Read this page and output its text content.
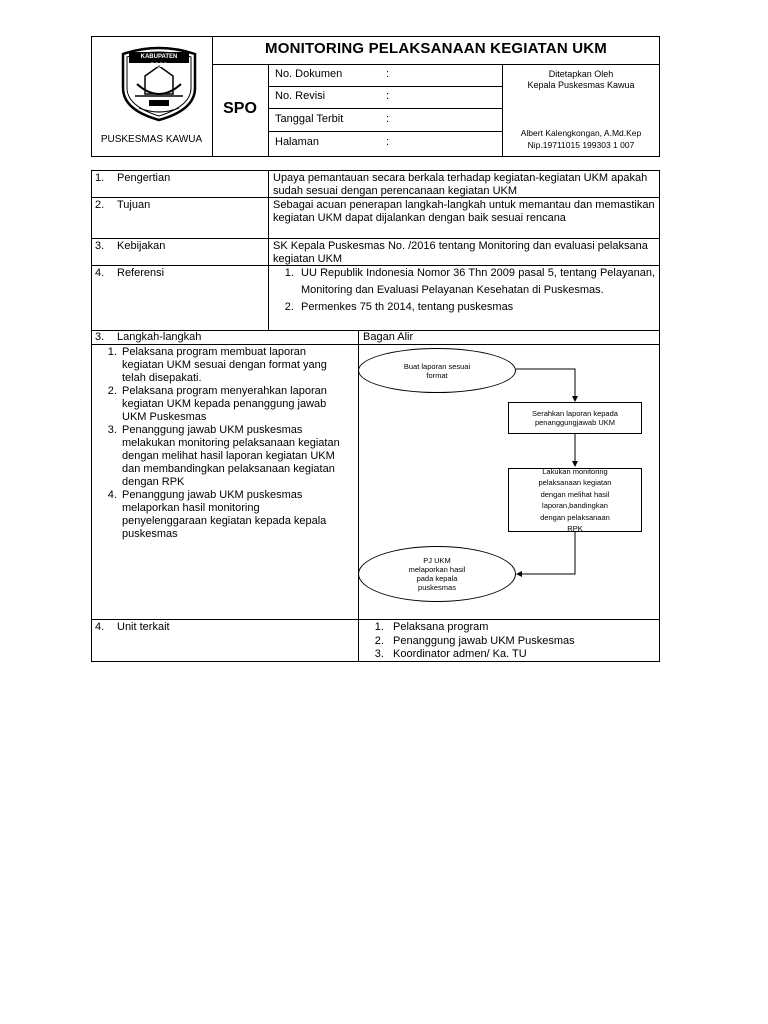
KABUPATEN POSO
PUSKESMAS KAWUA
MONITORING PELAKSANAAN KEGIATAN UKM
SPO
No. Dokumen	:
No. Revisi	:
Tanggal Terbit	:
Halaman	:
Ditetapkan Oleh
Kepala Puskesmas Kawua
Albert Kalengkongan, A.Md.Kep
Nip.19711015 199303 1 007
1. Pengertian	Upaya pemantauan secara berkala terhadap kegiatan-kegiatan UKM apakah sudah sesuai dengan perencanaan kegiatan UKM
2. Tujuan	Sebagai acuan penerapan langkah-langkah untuk memantau dan memastikan kegiatan UKM dapat dijalankan dengan baik sesuai rencana
3. Kebijakan	SK Kepala Puskesmas No. /2016 tentang Monitoring dan evaluasi pelaksana kegiatan UKM
4. Referensi	1. UU Republik Indonesia Nomor 36 Thn 2009 pasal 5, tentang Pelayanan, Monitoring dan Evaluasi Pelayanan Kesehatan di Puskesmas.
2. Permenkes 75 th 2014, tentang puskesmas
3. Langkah-langkah	Bagan Alir
1. Pelaksana program membuat laporan kegiatan UKM sesuai dengan format yang telah disepakati.
2. Pelaksana program menyerahkan laporan kegiatan UKM kepada penanggung jawab UKM Puskesmas
3. Penanggung jawab UKM puskesmas melakukan monitoring pelaksanaan kegiatan dengan melihat hasil laporan kegiatan UKM dan membandingkan pelaksanaan kegiatan dengan RPK
4. Penanggung jawab UKM puskesmas melaporkan hasil monitoring penyelenggaraan kegiatan kepada kepala puskesmas
Buat laporan sesuai format
Serahkan laporan kepada penanggungjawab UKM
Lakukan monitoring pelaksanaan kegiatan dengan melihat hasil laporan,bandingkan dengan pelaksanaan RPK
PJ UKM melaporkan hasil pada kepala puskesmas
4. Unit terkait	1. Pelaksana program
2. Penanggung jawab UKM Puskesmas
3. Koordinator admen/ Ka. TU
